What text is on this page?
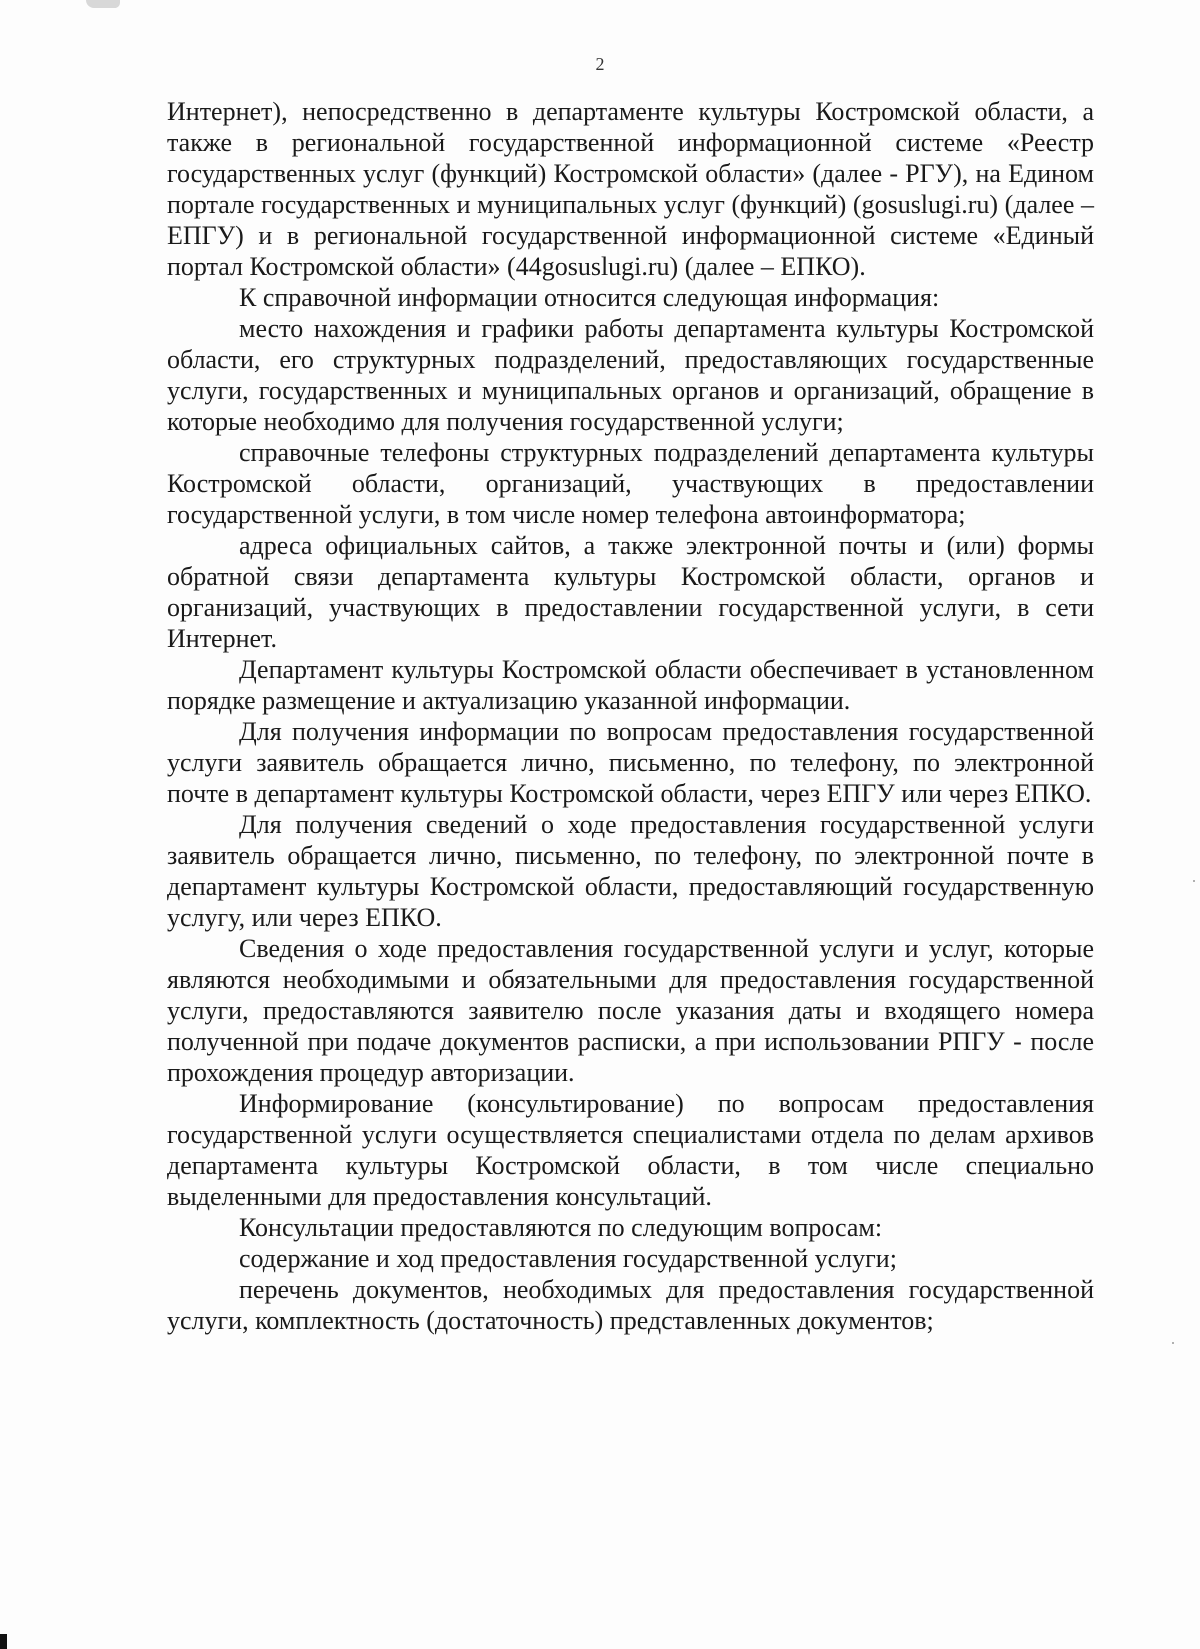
2

Интернет), непосредственно в департаменте культуры Костромской области, а также в региональной государственной информационной системе «Реестр государственных услуг (функций) Костромской области» (далее - РГУ), на Едином портале государственных и муниципальных услуг (функций) (gosuslugi.ru) (далее – ЕПГУ) и в региональной государственной информационной системе «Единый портал Костромской области» (44gosuslugi.ru) (далее – ЕПКО).

К справочной информации относится следующая информация:

место нахождения и графики работы департамента культуры Костромской области, его структурных подразделений, предоставляющих государственные услуги, государственных и муниципальных органов и организаций, обращение в которые необходимо для получения государственной услуги;

справочные телефоны структурных подразделений департамента культуры Костромской области, организаций, участвующих в предоставлении государственной услуги, в том числе номер телефона автоинформатора;

адреса официальных сайтов, а также электронной почты и (или) формы обратной связи департамента культуры Костромской области, органов и организаций, участвующих в предоставлении государственной услуги, в сети Интернет.

Департамент культуры Костромской области обеспечивает в установленном порядке размещение и актуализацию указанной информации.

Для получения информации по вопросам предоставления государственной услуги заявитель обращается лично, письменно, по телефону, по электронной почте в департамент культуры Костромской области, через ЕПГУ или через ЕПКО.

Для получения сведений о ходе предоставления государственной услуги заявитель обращается лично, письменно, по телефону, по электронной почте в департамент культуры Костромской области, предоставляющий государственную услугу, или через ЕПКО.

Сведения о ходе предоставления государственной услуги и услуг, которые являются необходимыми и обязательными для предоставления государственной услуги, предоставляются заявителю после указания даты и входящего номера полученной при подаче документов расписки, а при использовании РПГУ - после прохождения процедур авторизации.

Информирование (консультирование) по вопросам предоставления государственной услуги осуществляется специалистами отдела по делам архивов департамента культуры Костромской области, в том числе специально выделенными для предоставления консультаций.

Консультации предоставляются по следующим вопросам:

содержание и ход предоставления государственной услуги;

перечень документов, необходимых для предоставления государственной услуги, комплектность (достаточность) представленных документов;
